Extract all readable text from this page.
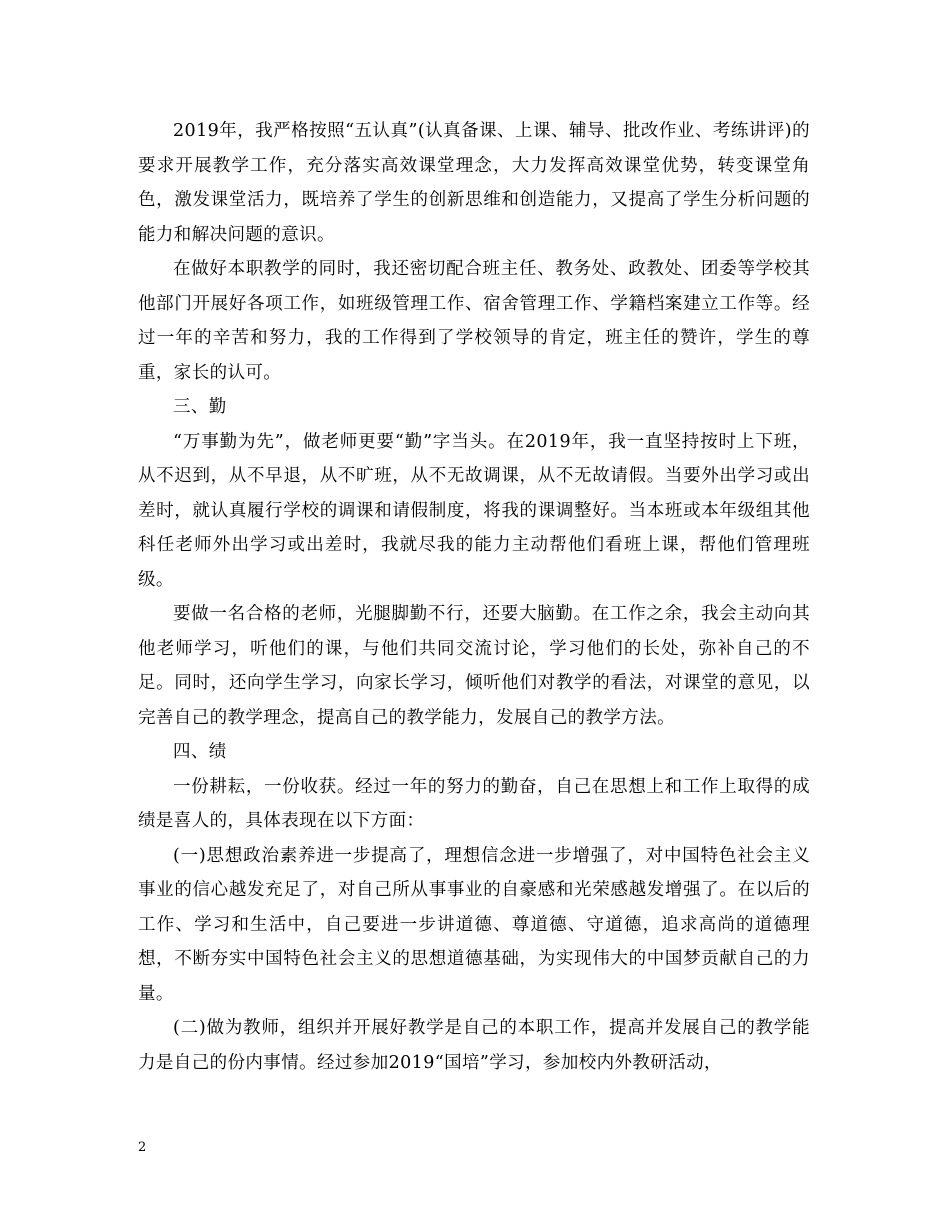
2019年，我严格按照“五认真”(认真备课、上课、辅导、批改作业、考练讲评)的要求开展教学工作，充分落实高效课堂理念，大力发挥高效课堂优势，转变课堂角色，激发课堂活力，既培养了学生的创新思维和创造能力，又提高了学生分析问题的能力和解决问题的意识。

在做好本职教学的同时，我还密切配合班主任、教务处、政教处、团委等学校其他部门开展好各项工作，如班级管理工作、宿舍管理工作、学籍档案建立工作等。经过一年的辛苦和努力，我的工作得到了学校领导的肯定，班主任的赞许，学生的尊重，家长的认可。

三、勤

“万事勤为先”，做老师更要“勤”字当头。在2019年，我一直坚持按时上下班，从不迟到，从不早退，从不旷班，从不无故调课，从不无故请假。当要外出学习或出差时，就认真履行学校的调课和请假制度，将我的课调整好。当本班或本年级组其他科任老师外出学习或出差时，我就尽我的能力主动帮他们看班上课，帮他们管理班级。

要做一名合格的老师，光腿脚勤不行，还要大脑勤。在工作之余，我会主动向其他老师学习，听他们的课，与他们共同交流讨论，学习他们的长处，弥补自己的不足。同时，还向学生学习，向家长学习，倾听他们对教学的看法，对课堂的意见，以完善自己的教学理念，提高自己的教学能力，发展自己的教学方法。

四、绩

一份耕耘，一份收获。经过一年的努力的勤奋，自己在思想上和工作上取得的成绩是喜人的，具体表现在以下方面：

(一)思想政治素养进一步提高了，理想信念进一步增强了，对中国特色社会主义事业的信心越发充足了，对自己所从事事业的自豪感和光荣感越发增强了。在以后的工作、学习和生活中，自己要进一步讲道德、尊道德、守道德，追求高尚的道德理想，不断夯实中国特色社会主义的思想道德基础，为实现伟大的中国梦贡献自己的力量。

(二)做为教师，组织并开展好教学是自己的本职工作，提高并发展自己的教学能力是自己的份内事情。经过参加2019“国培”学习，参加校内外教研活动，

2
